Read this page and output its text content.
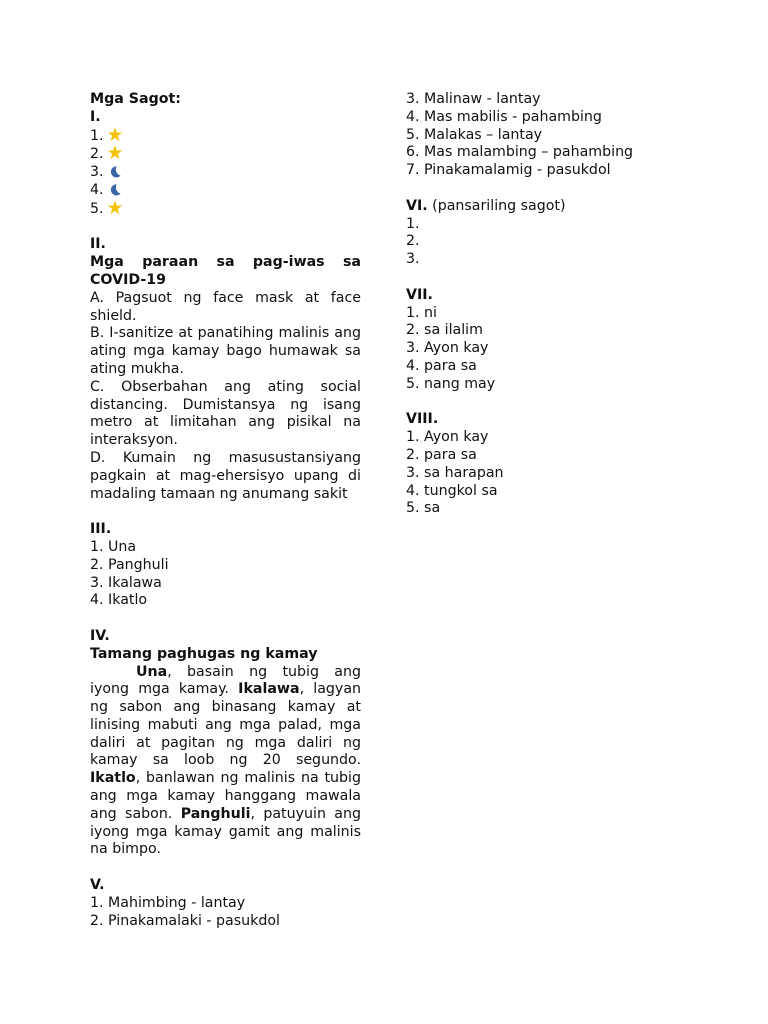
Mga Sagot:
I.
1. ★
2. ★
3.
4.
5. ★
II.
Mga paraan sa pag-iwas sa COVID-19
A. Pagsuot ng face mask at face shield.
B. I-sanitize at panatihing malinis ang ating mga kamay bago humawak sa ating mukha.
C. Obserbahan ang ating social distancing. Dumistansya ng isang metro at limitahan ang pisikal na interaksyon.
D. Kumain ng masusustansiyang pagkain at mag-ehersisyo upang di madaling tamaan ng anumang sakit
III.
1. Una
2. Panghuli
3. Ikalawa
4. Ikatlo
IV.
Tamang paghugas ng kamay
Una, basain ng tubig ang iyong mga kamay. Ikalawa, lagyan ng sabon ang binasang kamay at linising mabuti ang mga palad, mga daliri at pagitan ng mga daliri ng kamay sa loob ng 20 segundo. Ikatlo, banlawan ng malinis na tubig ang mga kamay hanggang mawala ang sabon. Panghuli, patuyuin ang iyong mga kamay gamit ang malinis na bimpo.
V.
1. Mahimbing - lantay
2. Pinakamalaki - pasukdol
3. Malinaw - lantay
4. Mas mabilis - pahambing
5. Malakas – lantay
6. Mas malambing – pahambing
7. Pinakamalamig - pasukdol
VI. (pansariling sagot)
1.
2.
3.
VII.
1. ni
2. sa ilalim
3. Ayon kay
4. para sa
5. nang may
VIII.
1. Ayon kay
2. para sa
3. sa harapan
4. tungkol sa
5. sa
